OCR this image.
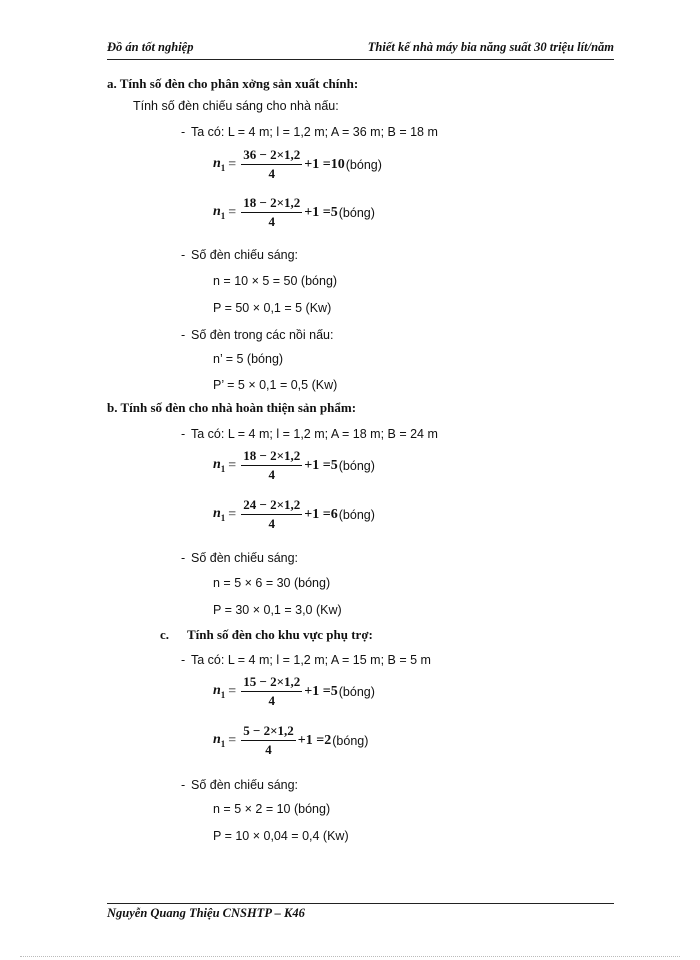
Đồ án tốt nghiệp	Thiết kế nhà máy bia năng suất 30 triệu lít/năm
a. Tính số đèn cho phân xởng sản xuất chính:
Tính số đèn chiếu sáng cho nhà nấu:
- Ta có: L = 4 m; l = 1,2 m; A = 36 m; B = 18 m
$n_1 = \frac{36 - 2\times 1,2}{4} +1 = 10$ (bóng)
$n_1 = \frac{18 - 2\times 1,2}{4} +1 = 5$ (bóng)
- Số đèn chiếu sáng:
n = 10 × 5 = 50 (bóng)
P = 50 × 0,1 = 5 (Kw)
- Số đèn trong các nồi nấu:
n’ = 5 (bóng)
P’ = 5 × 0,1 = 0,5 (Kw)
b. Tính số đèn cho nhà hoàn thiện sản phẩm:
- Ta có: L = 4 m; l = 1,2 m; A = 18 m; B = 24 m
$n_1 = \frac{18 - 2\times 1,2}{4} +1 = 5$ (bóng)
$n_1 = \frac{24 - 2\times 1,2}{4} +1 = 6$ (bóng)
- Số đèn chiếu sáng:
n = 5 × 6 = 30 (bóng)
P = 30 × 0,1 = 3,0 (Kw)
c. Tính số đèn cho khu vực phụ trợ:
- Ta có: L = 4 m; l = 1,2 m; A = 15 m; B = 5 m
$n_1 = \frac{15 - 2\times 1,2}{4} +1 = 5$ (bóng)
$n_1 = \frac{5 - 2\times 1,2}{4} +1 = 2$ (bóng)
- Số đèn chiếu sáng:
n = 5 × 2 = 10 (bóng)
P = 10 × 0,04 = 0,4 (Kw)
Nguyễn Quang Thiệu CNSHTP – K46
